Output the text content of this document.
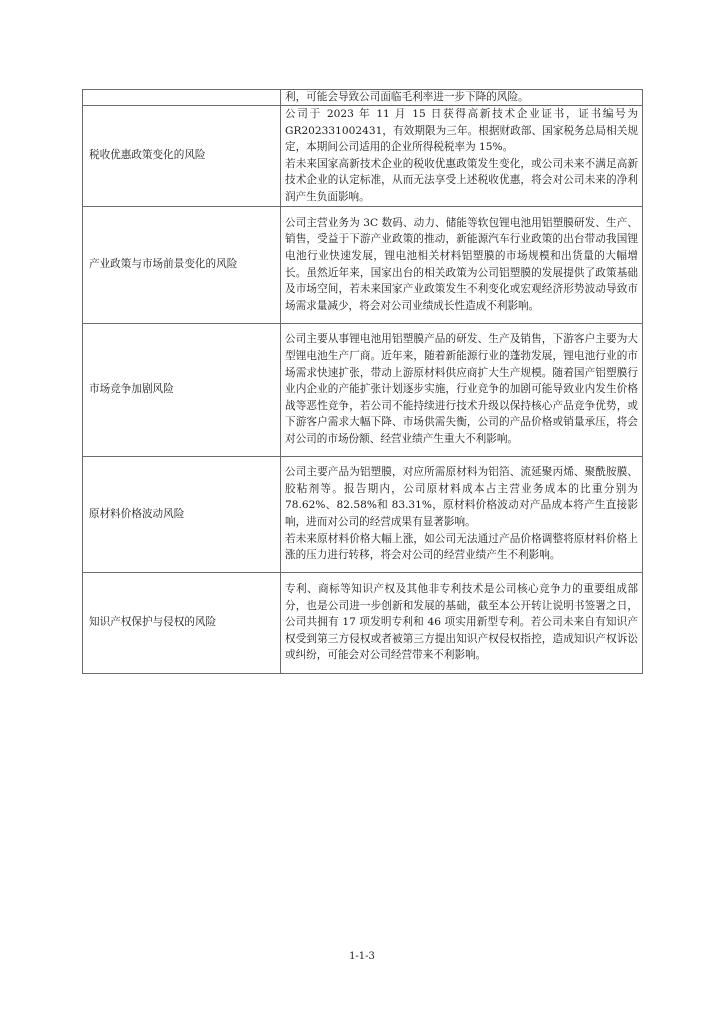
	利，可能会导致公司面临毛利率进一步下降的风险。

税收优惠政策变化的风险	公司于 2023 年 11 月 15 日获得高新技术企业证书，证书编号为 GR202331002431，有效期限为三年。根据财政部、国家税务总局相关规定，本期间公司适用的企业所得税税率为 15%。
若未来国家高新技术企业的税收优惠政策发生变化，或公司未来不满足高新技术企业的认定标准，从而无法享受上述税收优惠，将会对公司未来的净利润产生负面影响。

产业政策与市场前景变化的风险	公司主营业务为 3C 数码、动力、储能等软包锂电池用铝塑膜研发、生产、销售，受益于下游产业政策的推动，新能源汽车行业政策的出台带动我国锂电池行业快速发展，锂电池相关材料铝塑膜的市场规模和出货量的大幅增长。虽然近年来，国家出台的相关政策为公司铝塑膜的发展提供了政策基础及市场空间，若未来国家产业政策发生不利变化或宏观经济形势波动导致市场需求量减少，将会对公司业绩成长性造成不利影响。

市场竞争加剧风险	公司主要从事锂电池用铝塑膜产品的研发、生产及销售，下游客户主要为大型锂电池生产厂商。近年来，随着新能源行业的蓬勃发展，锂电池行业的市场需求快速扩张，带动上游原材料供应商扩大生产规模。随着国产铝塑膜行业内企业的产能扩张计划逐步实施，行业竞争的加剧可能导致业内发生价格战等恶性竞争，若公司不能持续进行技术升级以保持核心产品竞争优势，或下游客户需求大幅下降、市场供需失衡，公司的产品价格或销量承压，将会对公司的市场份额、经营业绩产生重大不利影响。

原材料价格波动风险	公司主要产品为铝塑膜，对应所需原材料为铝箔、流延聚丙烯、聚酰胺膜、胶粘剂等。报告期内，公司原材料成本占主营业务成本的比重分别为 78.62%、82.58%和 83.31%，原材料价格波动对产品成本将产生直接影响，进而对公司的经营成果有显著影响。
若未来原材料价格大幅上涨，如公司无法通过产品价格调整将原材料价格上涨的压力进行转移，将会对公司的经营业绩产生不利影响。

知识产权保护与侵权的风险	专利、商标等知识产权及其他非专利技术是公司核心竞争力的重要组成部分，也是公司进一步创新和发展的基础，截至本公开转让说明书签署之日，公司共拥有 17 项发明专利和 46 项实用新型专利。若公司未来自有知识产权受到第三方侵权或者被第三方提出知识产权侵权指控，造成知识产权诉讼或纠纷，可能会对公司经营带来不利影响。
1-1-3
